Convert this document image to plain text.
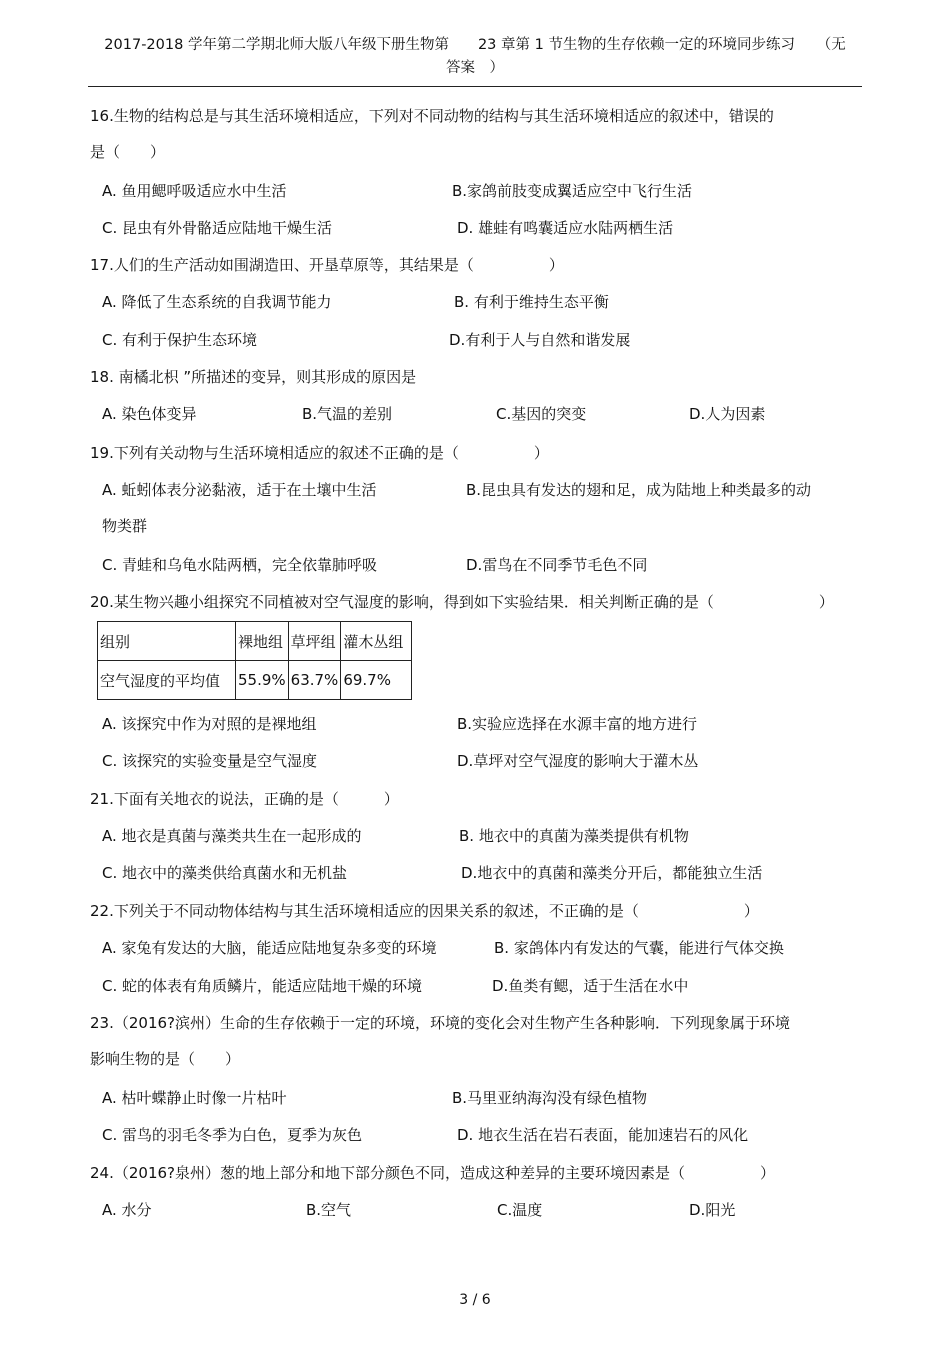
2017-2018 学年第二学期北师大版八年级下册生物第　　23 章第 1 节生物的生存依赖一定的环境同步练习　　（无
答案　）
16.生物的结构总是与其生活环境相适应，下列对不同动物的结构与其生活环境相适应的叙述中，错误的
是（　　）
A. 鱼用鳃呼吸适应水中生活	B.家鸽前肢变成翼适应空中飞行生活
C. 昆虫有外骨骼适应陆地干燥生活	D. 雄蛙有鸣囊适应水陆两栖生活
17.人们的生产活动如围湖造田、开垦草原等，其结果是（　　　　　）
A. 降低了生态系统的自我调节能力	B. 有利于维持生态平衡
C. 有利于保护生态环境	D.有利于人与自然和谐发展
18. 南橘北枳 ”所描述的变异，则其形成的原因是
A. 染色体变异	B.气温的差别	C.基因的突变	D.人为因素
19.下列有关动物与生活环境相适应的叙述不正确的是（　　　　　）
A. 蚯蚓体表分泌黏液，适于在土壤中生活	B.昆虫具有发达的翅和足，成为陆地上种类最多的动
物类群
C. 青蛙和乌龟水陆两栖，完全依靠肺呼吸	D.雷鸟在不同季节毛色不同
20.某生物兴趣小组探究不同植被对空气湿度的影响，得到如下实验结果．相关判断正确的是（　　　　　　　）
组别	裸地组	草坪组	灌木丛组
空气湿度的平均值	55.9%	63.7%	69.7%
A. 该探究中作为对照的是裸地组	B.实验应选择在水源丰富的地方进行
C. 该探究的实验变量是空气湿度	D.草坪对空气湿度的影响大于灌木丛
21.下面有关地衣的说法，正确的是（　　　）
A. 地衣是真菌与藻类共生在一起形成的	B. 地衣中的真菌为藻类提供有机物
C. 地衣中的藻类供给真菌水和无机盐	D.地衣中的真菌和藻类分开后，都能独立生活
22.下列关于不同动物体结构与其生活环境相适应的因果关系的叙述，不正确的是（　　　　　　　）
A. 家兔有发达的大脑，能适应陆地复杂多变的环境	B. 家鸽体内有发达的气囊，能进行气体交换
C. 蛇的体表有角质鳞片，能适应陆地干燥的环境	D.鱼类有鳃，适于生活在水中
23.（2016?滨州）生命的生存依赖于一定的环境，环境的变化会对生物产生各种影响．下列现象属于环境
影响生物的是（　　）
A. 枯叶蝶静止时像一片枯叶	B.马里亚纳海沟没有绿色植物
C. 雷鸟的羽毛冬季为白色，夏季为灰色	D. 地衣生活在岩石表面，能加速岩石的风化
24.（2016?泉州）葱的地上部分和地下部分颜色不同，造成这种差异的主要环境因素是（　　　　　）
A. 水分	B.空气	C.温度	D.阳光
3 / 6
